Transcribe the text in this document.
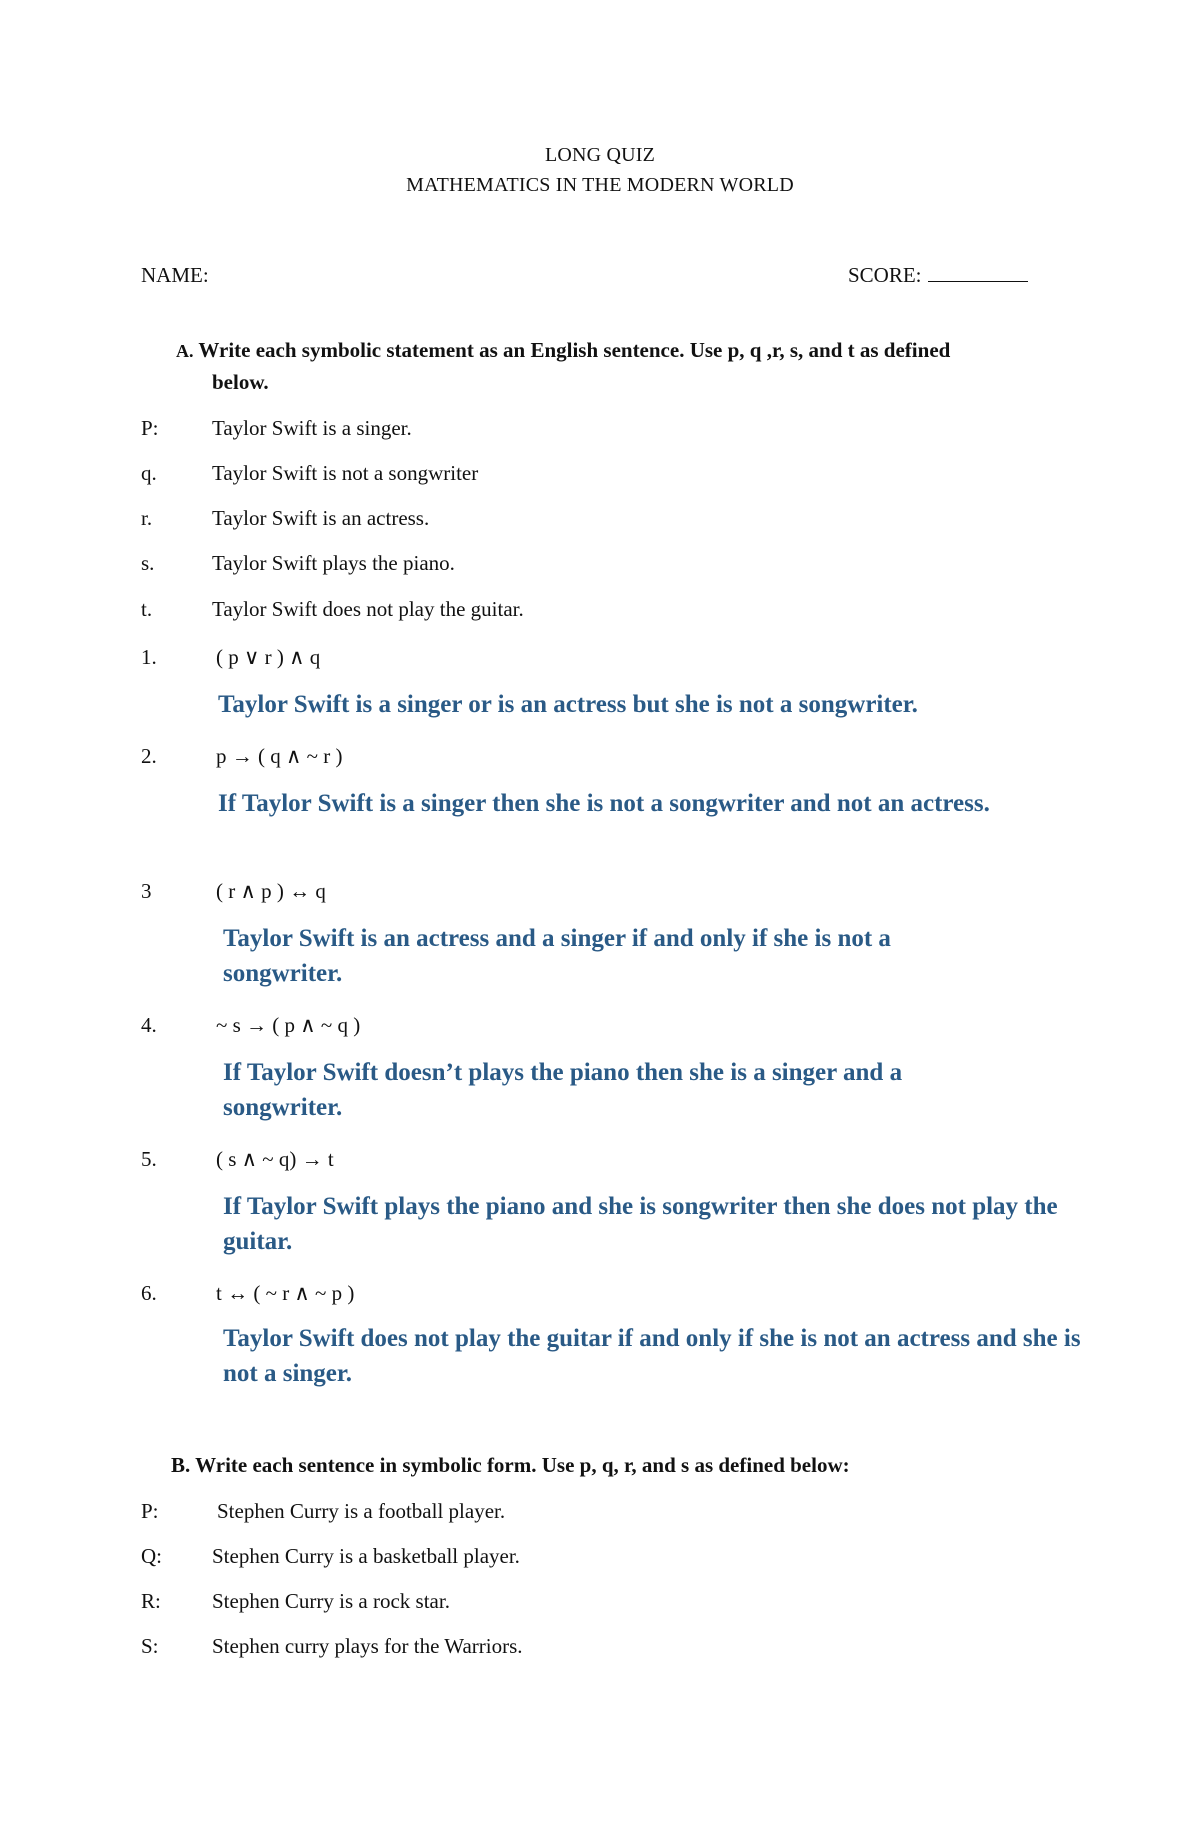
LONG QUIZ
MATHEMATICS IN THE MODERN WORLD
NAME:	SCORE:
A. Write each symbolic statement as an English sentence. Use p, q ,r, s, and t as defined
below.
P:	Taylor Swift is a singer.
q.	Taylor Swift is not a songwriter
r.	Taylor Swift is an actress.
s.	Taylor Swift plays the piano.
t.	Taylor Swift does not play the guitar.
1.	( p ∨ r ) ∧ q
Taylor Swift is a singer or is an actress but she is not a songwriter.
2.	p → ( q ∧ ~ r )
If Taylor Swift is a singer then she is not a songwriter and not an actress.
3	( r ∧ p ) ↔ q
Taylor Swift is an actress and a singer if and only if she is not a songwriter.
4.	~ s → ( p ∧ ~ q )
If Taylor Swift doesn’t plays the piano then she is a singer and a songwriter.
5.	( s ∧ ~ q) → t
If Taylor Swift plays the piano and she is songwriter then she does not play the guitar.
6.	t ↔ ( ~ r ∧ ~ p )
Taylor Swift does not play the guitar if and only if she is not an actress and she is not a singer.
B. Write each sentence in symbolic form. Use p, q, r, and s as defined below:
P:	Stephen Curry is a football player.
Q: Stephen Curry is a basketball player.
R: Stephen Curry is a rock star.
S:	Stephen curry plays for the Warriors.
